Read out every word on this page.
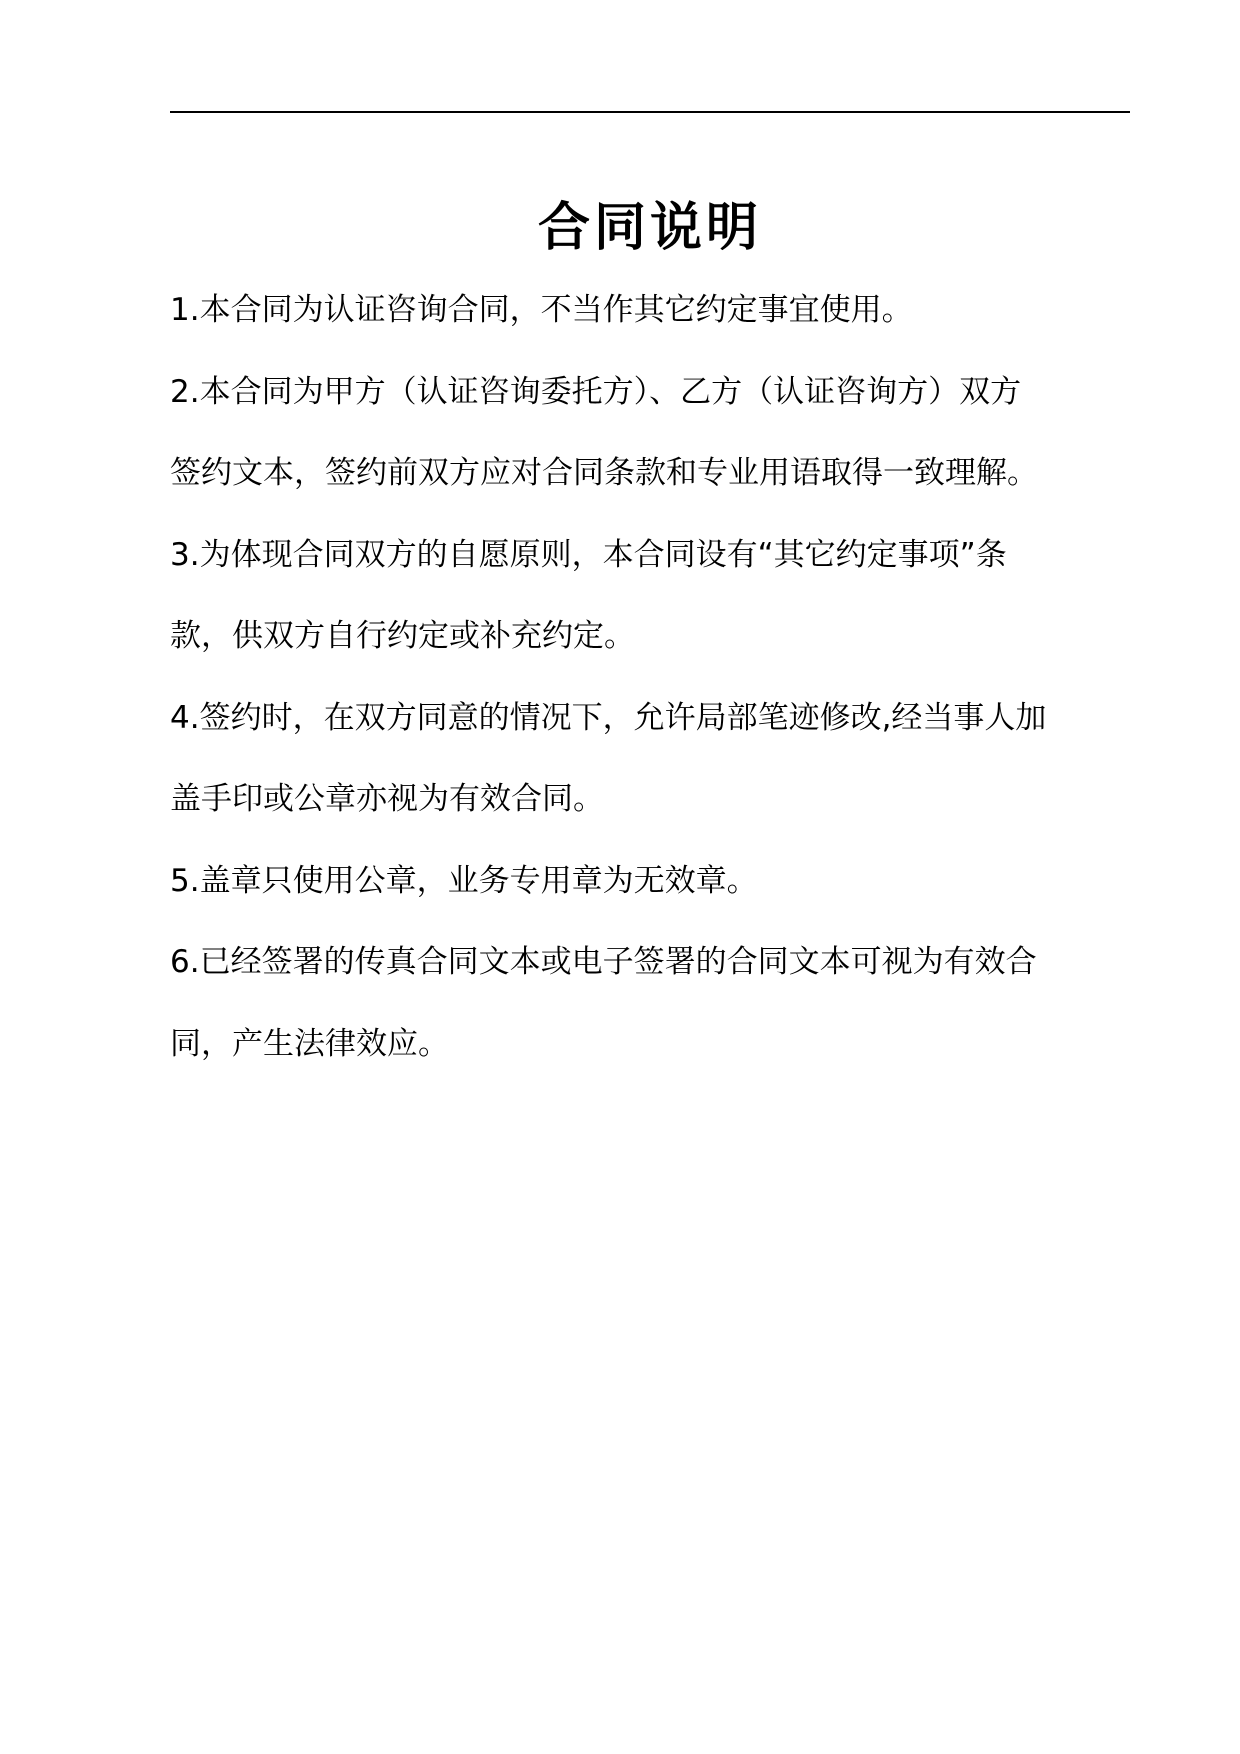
合同说明
1.本合同为认证咨询合同，不当作其它约定事宜使用。
2.本合同为甲方（认证咨询委托方）、乙方（认证咨询方）双方
签约文本，签约前双方应对合同条款和专业用语取得一致理解。
3.为体现合同双方的自愿原则，本合同设有“其它约定事项”条
款，供双方自行约定或补充约定。
4.签约时，在双方同意的情况下，允许局部笔迹修改,经当事人加
盖手印或公章亦视为有效合同。
5.盖章只使用公章，业务专用章为无效章。
6.已经签署的传真合同文本或电子签署的合同文本可视为有效合
同，产生法律效应。
